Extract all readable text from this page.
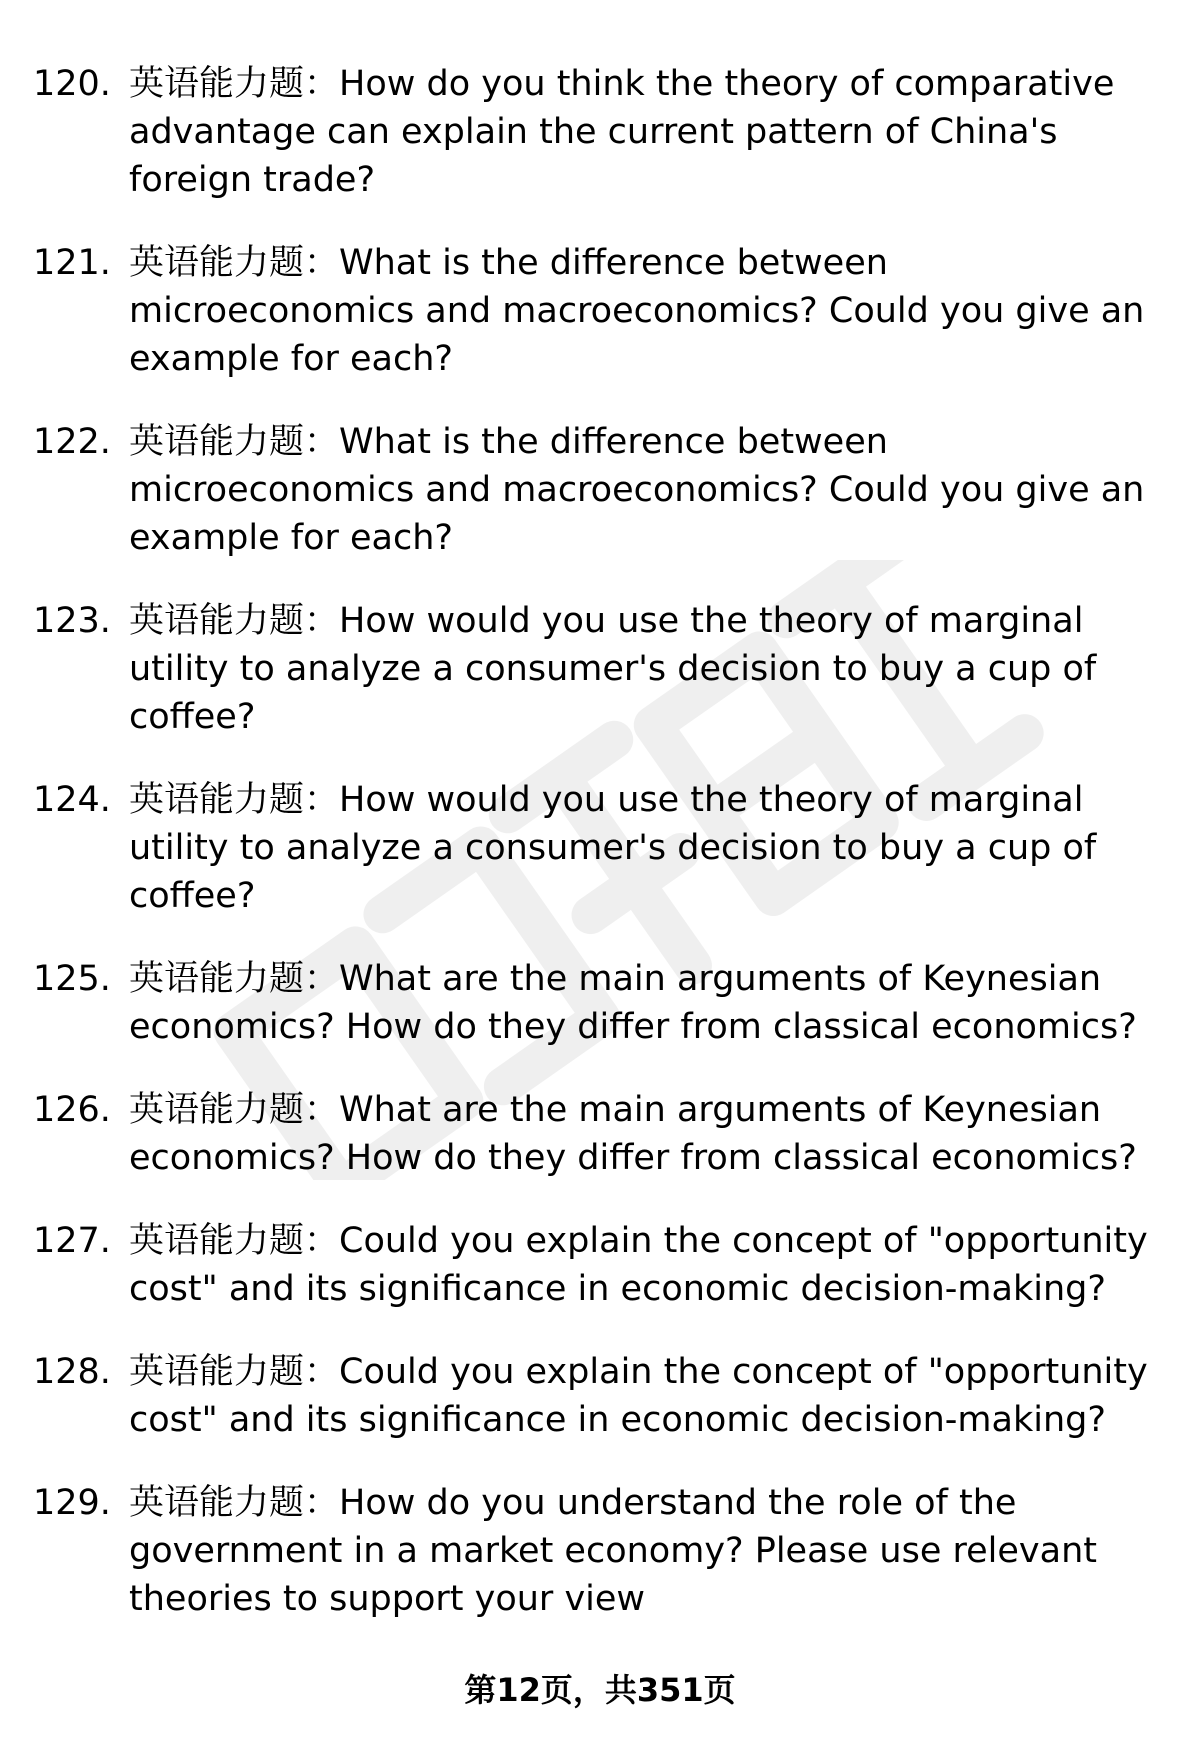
120. 英语能力题：How do you think the theory of comparative advantage can explain the current pattern of China's foreign trade?
121. 英语能力题：What is the difference between microeconomics and macroeconomics? Could you give an example for each?
122. 英语能力题：What is the difference between microeconomics and macroeconomics? Could you give an example for each?
123. 英语能力题：How would you use the theory of marginal utility to analyze a consumer's decision to buy a cup of coffee?
124. 英语能力题：How would you use the theory of marginal utility to analyze a consumer's decision to buy a cup of coffee?
125. 英语能力题：What are the main arguments of Keynesian economics? How do they differ from classical economics?
126. 英语能力题：What are the main arguments of Keynesian economics? How do they differ from classical economics?
127. 英语能力题：Could you explain the concept of "opportunity cost" and its significance in economic decision-making?
128. 英语能力题：Could you explain the concept of "opportunity cost" and its significance in economic decision-making?
129. 英语能力题：How do you understand the role of the government in a market economy? Please use relevant theories to support your view
第12页，共351页
